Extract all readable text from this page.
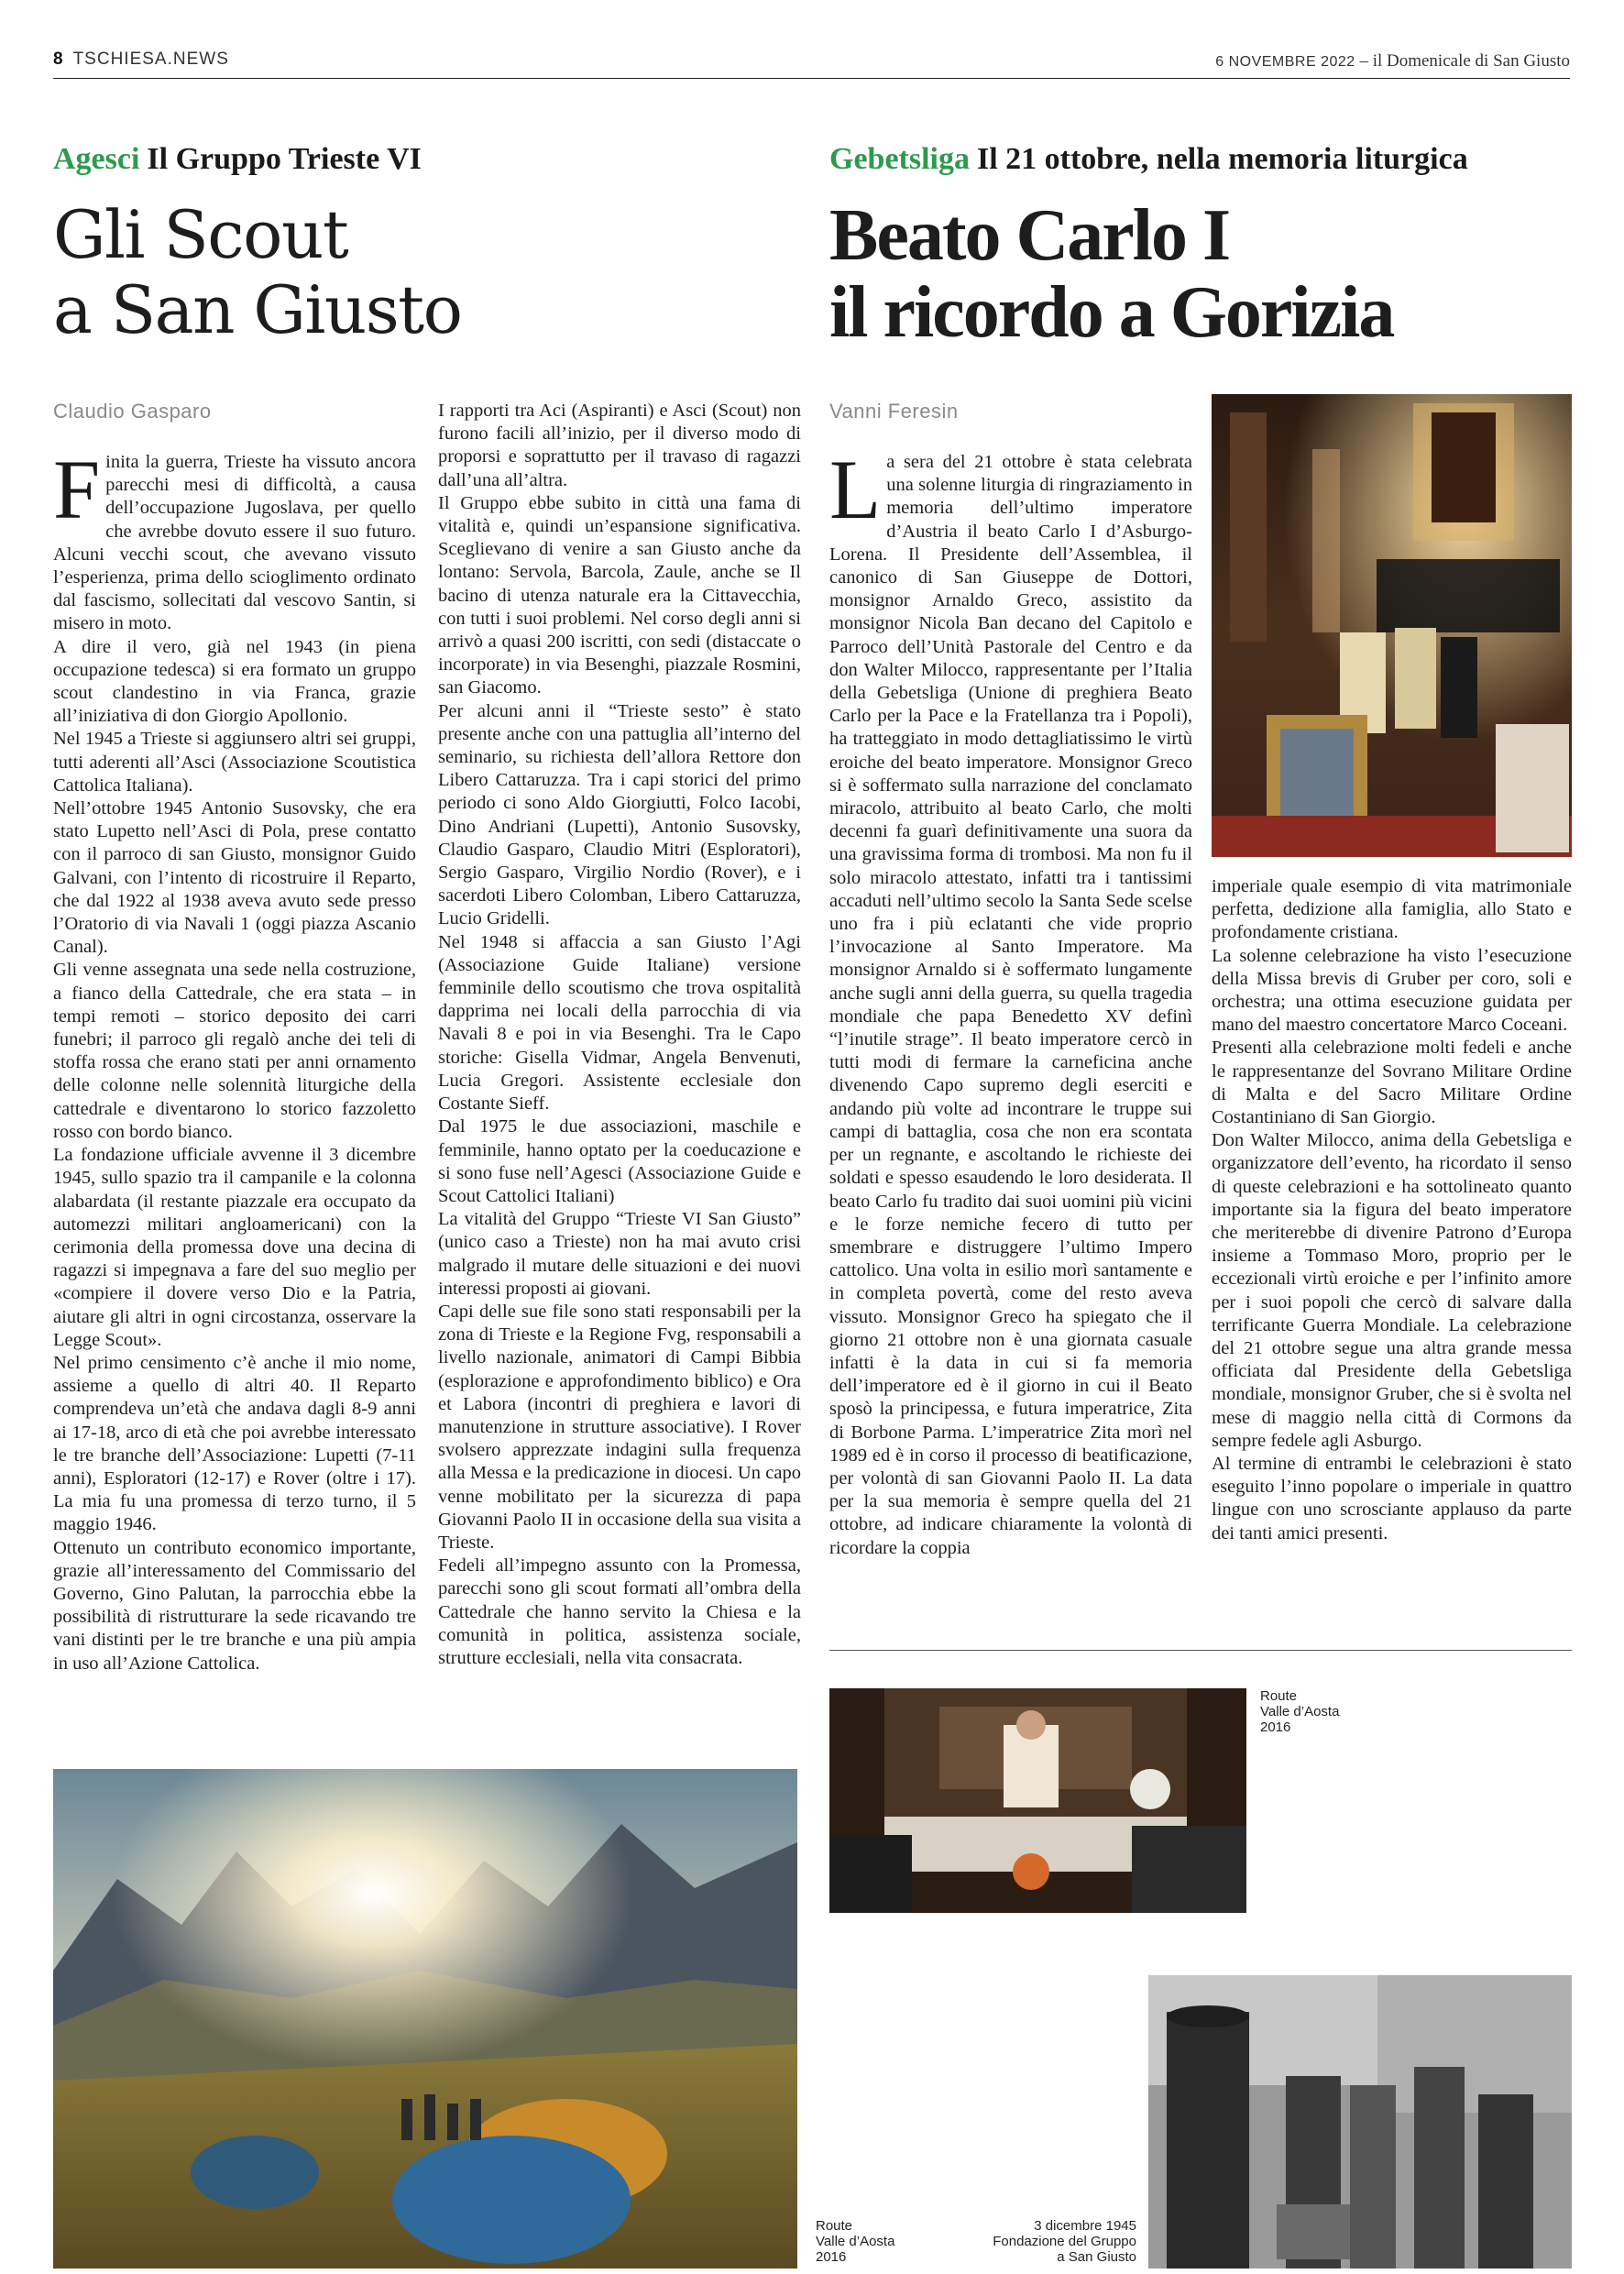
8 TSCHIESA.NEWS	6 NOVEMBRE 2022 – il Domenicale di San Giusto
Agesci Il Gruppo Trieste VI
Gli Scout
a San Giusto
Claudio Gasparo
Gebetsliga Il 21 ottobre, nella memoria liturgica
Beato Carlo I
il ricordo a Gorizia
Vanni Feresin

Finita la guerra, Trieste ha vissuto ancora parecchi mesi di difficoltà, a causa dell’occupazione Jugoslava, per quello che avrebbe dovuto essere il suo futuro. Alcuni vecchi scout, che avevano vissuto l’esperienza, prima dello scioglimento ordinato dal fascismo, sollecitati dal vescovo Santin, si misero in moto.

A dire il vero, già nel 1943 (in piena occupazione tedesca) si era formato un gruppo scout clandestino in via Franca, grazie all’iniziativa di don Giorgio Apollonio.

Nel 1945 a Trieste si aggiunsero altri sei gruppi, tutti aderenti all’Asci (Associazione Scoutistica Cattolica Italiana).

Nell’ottobre 1945 Antonio Susovsky, che era stato Lupetto nell’Asci di Pola, prese contatto con il parroco di san Giusto, monsignor Guido Galvani, con l’intento di ricostruire il Reparto, che dal 1922 al 1938 aveva avuto sede presso l’Oratorio di via Navali 1 (oggi piazza Ascanio Canal).

Gli venne assegnata una sede nella costruzione, a fianco della Cattedrale, che era stata – in tempi remoti – storico deposito dei carri funebri; il parroco gli regalò anche dei teli di stoffa rossa che erano stati per anni ornamento delle colonne nelle solennità liturgiche della cattedrale e diventarono lo storico fazzoletto rosso con bordo bianco.

La fondazione ufficiale avvenne il 3 dicembre 1945, sullo spazio tra il campanile e la colonna alabardata (il restante piazzale era occupato da automezzi militari angloamericani) con la cerimonia della promessa dove una decina di ragazzi si impegnava a fare del suo meglio per «compiere il dovere verso Dio e la Patria, aiutare gli altri in ogni circostanza, osservare la Legge Scout».

Nel primo censimento c’è anche il mio nome, assieme a quello di altri 40. Il Reparto comprendeva un’età che andava dagli 8-9 anni ai 17-18, arco di età che poi avrebbe interessato le tre branche dell’Associazione: Lupetti (7-11 anni), Esploratori (12-17) e Rover (oltre i 17). La mia fu una promessa di terzo turno, il 5 maggio 1946.

Ottenuto un contributo economico importante, grazie all’interessamento del Commissario del Governo, Gino Palutan, la parrocchia ebbe la possibilità di ristrutturare la sede ricavando tre vani distinti per le tre branche e una più ampia in uso all’Azione Cattolica.

I rapporti tra Aci (Aspiranti) e Asci (Scout) non furono facili all’inizio, per il diverso modo di proporsi e soprattutto per il travaso di ragazzi dall’una all’altra.

Il Gruppo ebbe subito in città una fama di vitalità e, quindi un’espansione significativa. Sceglievano di venire a san Giusto anche da lontano: Servola, Barcola, Zaule, anche se Il bacino di utenza naturale era la Cittavecchia, con tutti i suoi problemi. Nel corso degli anni si arrivò a quasi 200 iscritti, con sedi (distaccate o incorporate) in via Besenghi, piazzale Rosmini, san Giacomo.

Per alcuni anni il “Trieste sesto” è stato presente anche con una pattuglia all’interno del seminario, su richiesta dell’allora Rettore don Libero Cattaruzza. Tra i capi storici del primo periodo ci sono Aldo Giorgiutti, Folco Iacobi, Dino Andriani (Lupetti), Antonio Susovsky, Claudio Gasparo, Claudio Mitri (Esploratori), Sergio Gasparo, Virgilio Nordio (Rover), e i sacerdoti Libero Colomban, Libero Cattaruzza, Lucio Gridelli.

Nel 1948 si affaccia a san Giusto l’Agi (Associazione Guide Italiane) versione femminile dello scoutismo che trova ospitalità dapprima nei locali della parrocchia di via Navali 8 e poi in via Besenghi. Tra le Capo storiche: Gisella Vidmar, Angela Benvenuti, Lucia Gregori. Assistente ecclesiale don Costante Sieff.

Dal 1975 le due associazioni, maschile e femminile, hanno optato per la coeducazione e si sono fuse nell’Agesci (Associazione Guide e Scout Cattolici Italiani)

La vitalità del Gruppo “Trieste VI San Giusto” (unico caso a Trieste) non ha mai avuto crisi malgrado il mutare delle situazioni e dei nuovi interessi proposti ai giovani.

Capi delle sue file sono stati responsabili per la zona di Trieste e la Regione Fvg, responsabili a livello nazionale, animatori di Campi Bibbia (esplorazione e approfondimento biblico) e Ora et Labora (incontri di preghiera e lavori di manutenzione in strutture associative). I Rover svolsero apprezzate indagini sulla frequenza alla Messa e la predicazione in diocesi. Un capo venne mobilitato per la sicurezza di papa Giovanni Paolo II in occasione della sua visita a Trieste.

Fedeli all’impegno assunto con la Promessa, parecchi sono gli scout formati all’ombra della Cattedrale che hanno servito la Chiesa e la comunità in politica, assistenza sociale, strutture ecclesiali, nella vita consacrata.

La sera del 21 ottobre è stata celebrata una solenne liturgia di ringraziamento in memoria dell’ultimo imperatore d’Austria il beato Carlo I d’Asburgo-Lorena. Il Presidente dell’Assemblea, il canonico di San Giuseppe de Dottori, monsignor Arnaldo Greco, assistito da monsignor Nicola Ban decano del Capitolo e Parroco dell’Unità Pastorale del Centro e da don Walter Milocco, rappresentante per l’Italia della Gebetsliga (Unione di preghiera Beato Carlo per la Pace e la Fratellanza tra i Popoli), ha tratteggiato in modo dettagliatissimo le virtù eroiche del beato imperatore. Monsignor Greco si è soffermato sulla narrazione del conclamato miracolo, attribuito al beato Carlo, che molti decenni fa guarì definitivamente una suora da una gravissima forma di trombosi. Ma non fu il solo miracolo attestato, infatti tra i tantissimi accaduti nell’ultimo secolo la Santa Sede scelse uno fra i più eclatanti che vide proprio l’invocazione al Santo Imperatore. Ma monsignor Arnaldo si è soffermato lungamente anche sugli anni della guerra, su quella tragedia mondiale che papa Benedetto XV definì “l’inutile strage”. Il beato imperatore cercò in tutti modi di fermare la carneficina anche divenendo Capo supremo degli eserciti e andando più volte ad incontrare le truppe sui campi di battaglia, cosa che non era scontata per un regnante, e ascoltando le richieste dei soldati e spesso esaudendo le loro desiderata. Il beato Carlo fu tradito dai suoi uomini più vicini e le forze nemiche fecero di tutto per smembrare e distruggere l’ultimo Impero cattolico. Una volta in esilio morì santamente e in completa povertà, come del resto aveva vissuto. Monsignor Greco ha spiegato che il giorno 21 ottobre non è una giornata casuale infatti è la data in cui si fa memoria dell’imperatore ed è il giorno in cui il Beato sposò la principessa, e futura imperatrice, Zita di Borbone Parma. L’imperatrice Zita morì nel 1989 ed è in corso il processo di beatificazione, per volontà di san Giovanni Paolo II. La data per la sua memoria è sempre quella del 21 ottobre, ad indicare chiaramente la volontà di ricordare la coppia

imperiale quale esempio di vita matrimoniale perfetta, dedizione alla famiglia, allo Stato e profondamente cristiana.

La solenne celebrazione ha visto l’esecuzione della Missa brevis di Gruber per coro, soli e orchestra; una ottima esecuzione guidata per mano del maestro concertatore Marco Coceani.

Presenti alla celebrazione molti fedeli e anche le rappresentanze del Sovrano Militare Ordine di Malta e del Sacro Militare Ordine Costantiniano di San Giorgio.

Don Walter Milocco, anima della Gebetsliga e organizzatore dell’evento, ha ricordato il senso di queste celebrazioni e ha sottolineato quanto importante sia la figura del beato imperatore che meriterebbe di divenire Patrono d’Europa insieme a Tommaso Moro, proprio per le eccezionali virtù eroiche e per l’infinito amore per i suoi popoli che cercò di salvare dalla terrificante Guerra Mondiale. La celebrazione del 21 ottobre segue una altra grande messa officiata dal Presidente della Gebetsliga mondiale, monsignor Gruber, che si è svolta nel mese di maggio nella città di Cormons da sempre fedele agli Asburgo.

Al termine di entrambi le celebrazioni è stato eseguito l’inno popolare o imperiale in quattro lingue con uno scrosciante applauso da parte dei tanti amici presenti.

Route
Valle d’Aosta
2016
Route
Valle d’Aosta
2016
3 dicembre 1945
Fondazione del Gruppo
a San Giusto
